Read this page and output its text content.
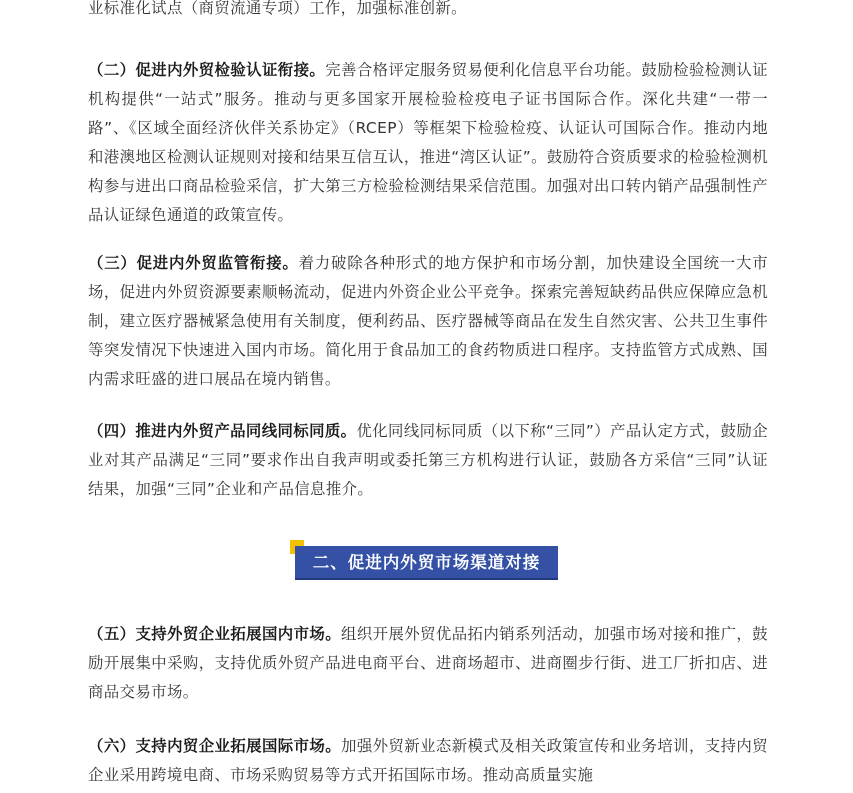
业标准化试点（商贸流通专项）工作，加强标准创新。

（二）促进内外贸检验认证衔接。完善合格评定服务贸易便利化信息平台功能。鼓励检验检测认证机构提供“一站式”服务。推动与更多国家开展检验检疫电子证书国际合作。深化共建“一带一路”、《区域全面经济伙伴关系协定》（RCEP）等框架下检验检疫、认证认可国际合作。推动内地和港澳地区检测认证规则对接和结果互信互认，推进“湾区认证”。鼓励符合资质要求的检验检测机构参与进出口商品检验采信，扩大第三方检验检测结果采信范围。加强对出口转内销产品强制性产品认证绿色通道的政策宣传。

（三）促进内外贸监管衔接。着力破除各种形式的地方保护和市场分割，加快建设全国统一大市场，促进内外贸资源要素顺畅流动，促进内外资企业公平竞争。探索完善短缺药品供应保障应急机制，建立医疗器械紧急使用有关制度，便利药品、医疗器械等商品在发生自然灾害、公共卫生事件等突发情况下快速进入国内市场。简化用于食品加工的食药物质进口程序。支持监管方式成熟、国内需求旺盛的进口展品在境内销售。

（四）推进内外贸产品同线同标同质。优化同线同标同质（以下称“三同”）产品认定方式，鼓励企业对其产品满足“三同”要求作出自我声明或委托第三方机构进行认证，鼓励各方采信“三同”认证结果，加强“三同”企业和产品信息推介。

（五）支持外贸企业拓展国内市场。组织开展外贸优品拓内销系列活动，加强市场对接和推广，鼓励开展集中采购，支持优质外贸产品进电商平台、进商场超市、进商圈步行街、进工厂折扣店、进商品交易市场。

（六）支持内贸企业拓展国际市场。加强外贸新业态新模式及相关政策宣传和业务培训，支持内贸企业采用跨境电商、市场采购贸易等方式开拓国际市场。推动高质量实施

二、促进内外贸市场渠道对接
